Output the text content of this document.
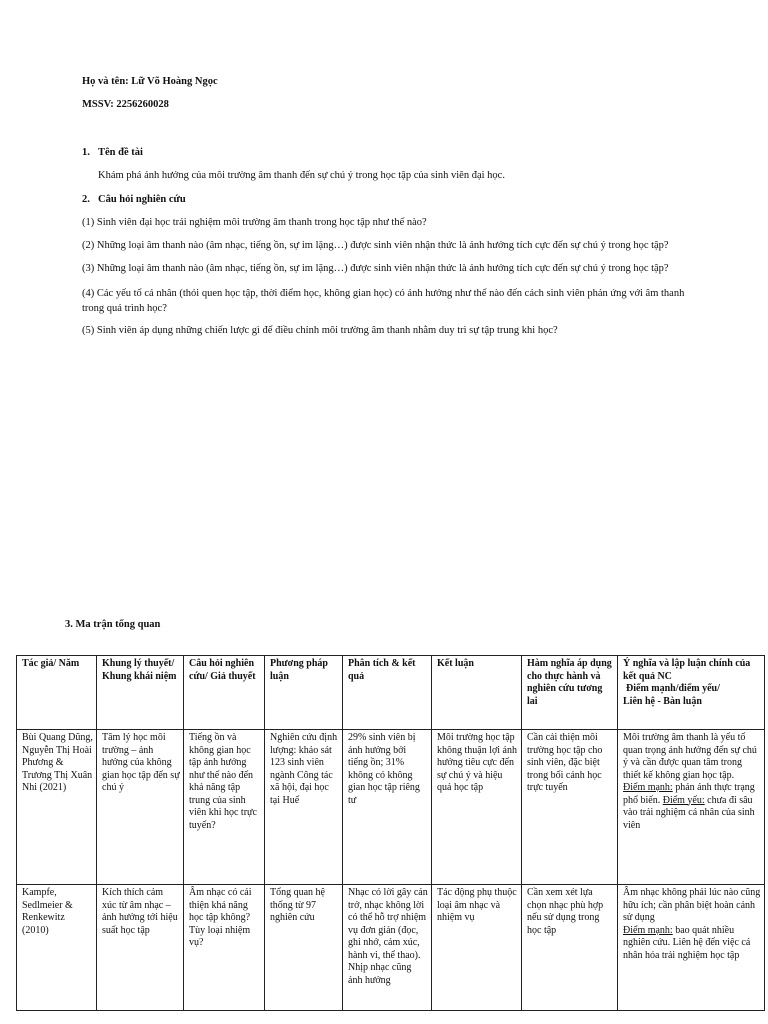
Họ và tên: Lữ Võ Hoàng Ngọc
MSSV: 2256260028
1. Tên đề tài
Khám phá ảnh hưởng của môi trường âm thanh đến sự chú ý trong học tập của sinh viên đại học.
2. Câu hỏi nghiên cứu
(1) Sinh viên đại học trải nghiệm môi trường âm thanh trong học tập như thế nào?
(2) Những loại âm thanh nào (âm nhạc, tiếng ồn, sự im lặng…) được sinh viên nhận thức là ảnh hưởng tích cực đến sự chú ý trong học tập?
(3) Những loại âm thanh nào (âm nhạc, tiếng ồn, sự im lặng…) được sinh viên nhận thức là ảnh hưởng tích cực đến sự chú ý trong học tập?
(4) Các yếu tố cá nhân (thói quen học tập, thời điểm học, không gian học) có ảnh hưởng như thế nào đến cách sinh viên phản ứng với âm thanh trong quá trình học?
(5) Sinh viên áp dụng những chiến lược gì để điều chỉnh môi trường âm thanh nhằm duy trì sự tập trung khi học?
3. Ma trận tổng quan
Tác giả/ Năm	Khung lý thuyết/ Khung khái niệm	Câu hỏi nghiên cứu/ Giả thuyết	Phương pháp luận	Phân tích & kết quả	Kết luận	Hàm nghĩa áp dụng cho thực hành và nghiên cứu tương lai	Ý nghĩa và lập luận chính của kết quả NC
Điểm mạnh/điểm yếu/
Liên hệ - Bàn luận

Bùi Quang Dũng, Nguyễn Thị Hoài Phương & Trương Thị Xuân Nhi (2021)	Tâm lý học môi trường – ảnh hưởng của không gian học tập đến sự chú ý	Tiếng ồn và không gian học tập ảnh hưởng như thế nào đến khả năng tập trung của sinh viên khi học trực tuyến?	Nghiên cứu định lượng: khảo sát 123 sinh viên ngành Công tác xã hội, đại học tại Huế	29% sinh viên bị ảnh hưởng bởi tiếng ồn; 31% không có không gian học tập riêng tư	Môi trường học tập không thuận lợi ảnh hưởng tiêu cực đến sự chú ý và hiệu quả học tập	Cần cải thiện môi trường học tập cho sinh viên, đặc biệt trong bối cảnh học trực tuyến	Môi trường âm thanh là yếu tố quan trọng ảnh hưởng đến sự chú ý và cần được quan tâm trong thiết kế không gian học tập.
Điểm mạnh: phản ánh thực trạng phổ biến. Điểm yếu: chưa đi sâu vào trải nghiệm cá nhân của sinh viên
Kampfe, Sedlmeier & Renkewitz (2010)	Kích thích cảm xúc từ âm nhạc – ảnh hưởng tới hiệu suất học tập	Âm nhạc có cải thiện khả năng học tập không? Tùy loại nhiệm vụ?	Tổng quan hệ thống từ 97 nghiên cứu	Nhạc có lời gây cản trở, nhạc không lời có thể hỗ trợ nhiệm vụ đơn giản (đọc, ghi nhớ, cảm xúc, hành vi, thể thao). Nhịp nhạc cũng ảnh hưởng	Tác động phụ thuộc loại âm nhạc và nhiệm vụ	Cần xem xét lựa chọn nhạc phù hợp nếu sử dụng trong học tập	Âm nhạc không phải lúc nào cũng hữu ích; cần phân biệt hoàn cảnh sử dụng
Điểm mạnh: bao quát nhiều nghiên cứu. Liên hệ đến việc cá nhân hóa trải nghiệm học tập
